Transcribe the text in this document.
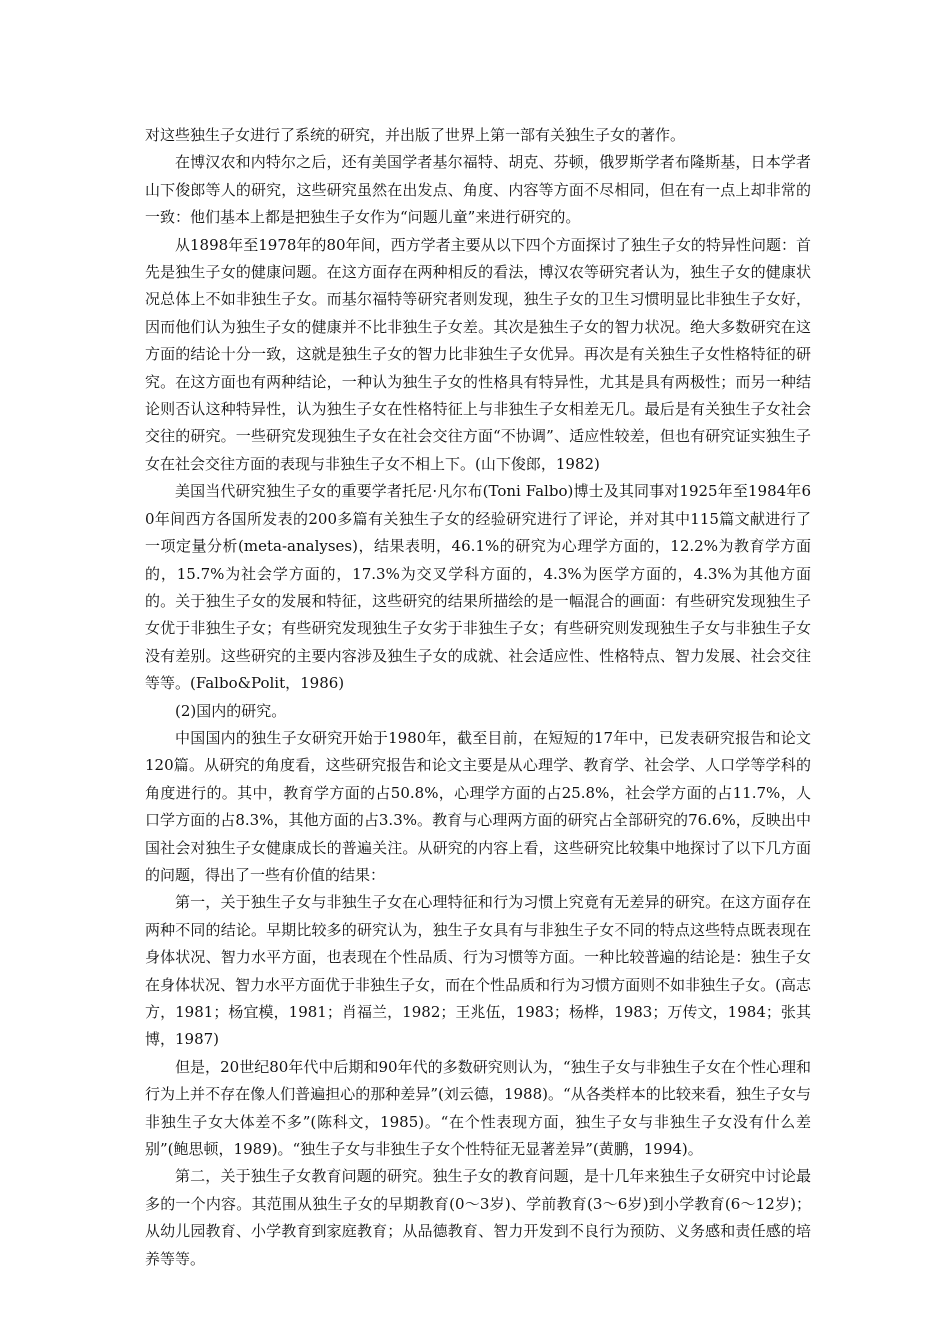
对这些独生子女进行了系统的研究，并出版了世界上第一部有关独生子女的著作。

在博汉农和内特尔之后，还有美国学者基尔福特、胡克、芬顿，俄罗斯学者布隆斯基，日本学者山下俊郎等人的研究，这些研究虽然在出发点、角度、内容等方面不尽相同，但在有一点上却非常的一致：他们基本上都是把独生子女作为“问题儿童”来进行研究的。

从1898年至1978年的80年间，西方学者主要从以下四个方面探讨了独生子女的特异性问题：首先是独生子女的健康问题。在这方面存在两种相反的看法，博汉农等研究者认为，独生子女的健康状况总体上不如非独生子女。而基尔福特等研究者则发现，独生子女的卫生习惯明显比非独生子女好，因而他们认为独生子女的健康并不比非独生子女差。其次是独生子女的智力状况。绝大多数研究在这方面的结论十分一致，这就是独生子女的智力比非独生子女优异。再次是有关独生子女性格特征的研究。在这方面也有两种结论，一种认为独生子女的性格具有特异性，尤其是具有两极性；而另一种结论则否认这种特异性，认为独生子女在性格特征上与非独生子女相差无几。最后是有关独生子女社会交往的研究。一些研究发现独生子女在社会交往方面“不协调”、适应性较差，但也有研究证实独生子女在社会交往方面的表现与非独生子女不相上下。(山下俊郎，1982)

美国当代研究独生子女的重要学者托尼·凡尔布(Toni Falbo)博士及其同事对1925年至1984年60年间西方各国所发表的200多篇有关独生子女的经验研究进行了评论，并对其中115篇文献进行了一项定量分析(meta-analyses)，结果表明，46.1%的研究为心理学方面的，12.2%为教育学方面的，15.7%为社会学方面的，17.3%为交叉学科方面的，4.3%为医学方面的，4.3%为其他方面的。关于独生子女的发展和特征，这些研究的结果所描绘的是一幅混合的画面：有些研究发现独生子女优于非独生子女；有些研究发现独生子女劣于非独生子女；有些研究则发现独生子女与非独生子女没有差别。这些研究的主要内容涉及独生子女的成就、社会适应性、性格特点、智力发展、社会交往等等。(Falbo&Polit，1986)

(2)国内的研究。

中国国内的独生子女研究开始于1980年，截至目前，在短短的17年中，已发表研究报告和论文120篇。从研究的角度看，这些研究报告和论文主要是从心理学、教育学、社会学、人口学等学科的角度进行的。其中，教育学方面的占50.8%，心理学方面的占25.8%，社会学方面的占11.7%，人口学方面的占8.3%，其他方面的占3.3%。教育与心理两方面的研究占全部研究的76.6%，反映出中国社会对独生子女健康成长的普遍关注。从研究的内容上看，这些研究比较集中地探讨了以下几方面的问题，得出了一些有价值的结果：

第一，关于独生子女与非独生子女在心理特征和行为习惯上究竟有无差异的研究。在这方面存在两种不同的结论。早期比较多的研究认为，独生子女具有与非独生子女不同的特点这些特点既表现在身体状况、智力水平方面，也表现在个性品质、行为习惯等方面。一种比较普遍的结论是：独生子女在身体状况、智力水平方面优于非独生子女，而在个性品质和行为习惯方面则不如非独生子女。(高志方，1981；杨宜模，1981；肖福兰，1982；王兆伍，1983；杨桦，1983；万传文，1984；张其博，1987)

但是，20世纪80年代中后期和90年代的多数研究则认为，“独生子女与非独生子女在个性心理和行为上并不存在像人们普遍担心的那种差异”(刘云德，1988)。“从各类样本的比较来看，独生子女与非独生子女大体差不多”(陈科文，1985)。“在个性表现方面，独生子女与非独生子女没有什么差别”(鲍思顿，1989)。“独生子女与非独生子女个性特征无显著差异”(黄鹏，1994)。

第二，关于独生子女教育问题的研究。独生子女的教育问题，是十几年来独生子女研究中讨论最多的一个内容。其范围从独生子女的早期教育(0～3岁)、学前教育(3～6岁)到小学教育(6～12岁)；从幼儿园教育、小学教育到家庭教育；从品德教育、智力开发到不良行为预防、义务感和责任感的培养等等。
